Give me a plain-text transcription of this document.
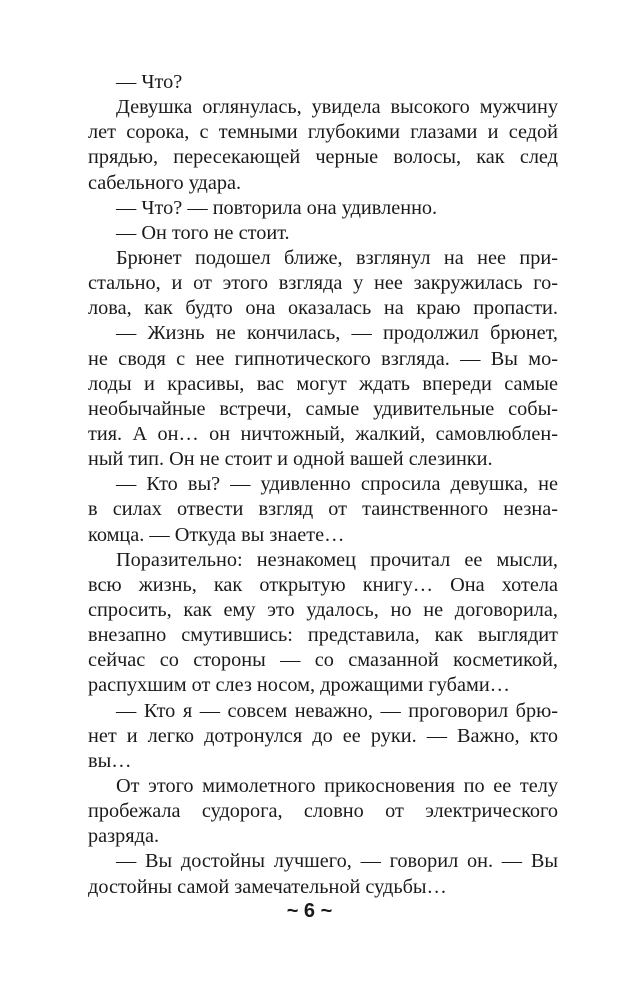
— Что?
Девушка оглянулась, увидела высокого мужчину
лет сорока, с темными глубокими глазами и седой
прядью, пересекающей черные волосы, как след
сабельного удара.
— Что? — повторила она удивленно.
— Он того не стоит.
Брюнет подошел ближе, взглянул на нее при-
стально, и от этого взгляда у нее закружилась го-
лова, как будто она оказалась на краю пропасти.
— Жизнь не кончилась, — продолжил брюнет,
не сводя с нее гипнотического взгляда. — Вы мо-
лоды и красивы, вас могут ждать впереди самые
необычайные встречи, самые удивительные собы-
тия. А он… он ничтожный, жалкий, самовлюблен-
ный тип. Он не стоит и одной вашей слезинки.
— Кто вы? — удивленно спросила девушка, не
в силах отвести взгляд от таинственного незна-
комца. — Откуда вы знаете…
Поразительно: незнакомец прочитал ее мысли,
всю жизнь, как открытую книгу… Она хотела
спросить, как ему это удалось, но не договорила,
внезапно смутившись: представила, как выглядит
сейчас со стороны — со смазанной косметикой,
распухшим от слез носом, дрожащими губами…
— Кто я — совсем неважно, — проговорил брю-
нет и легко дотронулся до ее руки. — Важно, кто
вы…
От этого мимолетного прикосновения по ее телу
пробежала судорога, словно от электрического
разряда.
— Вы достойны лучшего, — говорил он. — Вы
достойны самой замечательной судьбы…
~ 6 ~
